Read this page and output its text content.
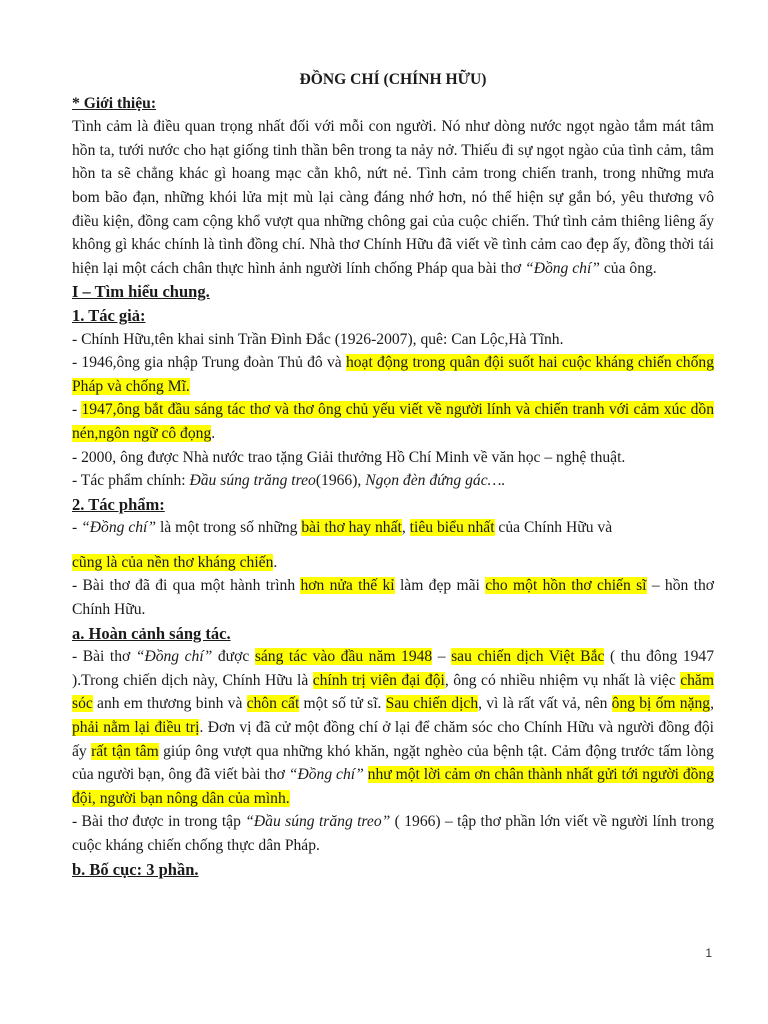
ĐỒNG CHÍ (CHÍNH HỮU)

* Giới thiệu:

Tình cảm là điều quan trọng nhất đối với mỗi con người. Nó như dòng nước ngọt ngào tắm mát tâm hồn ta, tưới nước cho hạt giống tinh thần bên trong ta nảy nở. Thiếu đi sự ngọt ngào của tình cảm, tâm hồn ta sẽ chẳng khác gì hoang mạc cằn khô, nứt nẻ. Tình cảm trong chiến tranh, trong những mưa bom bão đạn, những khói lửa mịt mù lại càng đáng nhớ hơn, nó thể hiện sự gắn bó, yêu thương vô điều kiện, đồng cam cộng khổ vượt qua những chông gai của cuộc chiến. Thứ tình cảm thiêng liêng ấy không gì khác chính là tình đồng chí. Nhà thơ Chính Hữu đã viết về tình cảm cao đẹp ấy, đồng thời tái hiện lại một cách chân thực hình ảnh người lính chống Pháp qua bài thơ “Đồng chí” của ông.

I – Tìm hiểu chung.

1. Tác giả:

- Chính Hữu,tên khai sinh Trần Đình Đắc (1926-2007), quê: Can Lộc,Hà Tĩnh.

- 1946,ông gia nhập Trung đoàn Thủ đô và hoạt động trong quân đội suốt hai cuộc kháng chiến chống Pháp và chống Mĩ.

- 1947,ông bắt đầu sáng tác thơ và thơ ông chủ yếu viết về người lính và chiến tranh với cảm xúc dồn nén,ngôn ngữ cô đọng.

- 2000, ông được Nhà nước trao tặng Giải thưởng Hồ Chí Minh về văn học – nghệ thuật.

- Tác phẩm chính: Đầu súng trăng treo(1966), Ngọn đèn đứng gác….

2. Tác phẩm:

- “Đồng chí” là một trong số những bài thơ hay nhất, tiêu biểu nhất của Chính Hữu và

cũng là của nền thơ kháng chiến.

- Bài thơ đã đi qua một hành trình hơn nửa thế kỉ làm đẹp mãi cho một hồn thơ chiến sĩ – hồn thơ Chính Hữu.

a. Hoàn cảnh sáng tác.

- Bài thơ “Đồng chí” được sáng tác vào đầu năm 1948 – sau chiến dịch Việt Bắc ( thu đông 1947 ).Trong chiến dịch này, Chính Hữu là chính trị viên đại đội, ông có nhiều nhiệm vụ nhất là việc chăm sóc anh em thương binh và chôn cất một số tử sĩ. Sau chiến dịch, vì là rất vất vả, nên ông bị ốm nặng, phải nằm lại điều trị. Đơn vị đã cử một đồng chí ở lại để chăm sóc cho Chính Hữu và người đồng đội ấy rất tận tâm giúp ông vượt qua những khó khăn, ngặt nghèo của bệnh tật. Cảm động trước tấm lòng của người bạn, ông đã viết bài thơ “Đồng chí” như một lời cảm ơn chân thành nhất gửi tới người đồng đội, người bạn nông dân của mình.

- Bài thơ được in trong tập “Đầu súng trăng treo” ( 1966) – tập thơ phần lớn viết về người lính trong cuộc kháng chiến chống thực dân Pháp.

b. Bố cục: 3 phần.

1
